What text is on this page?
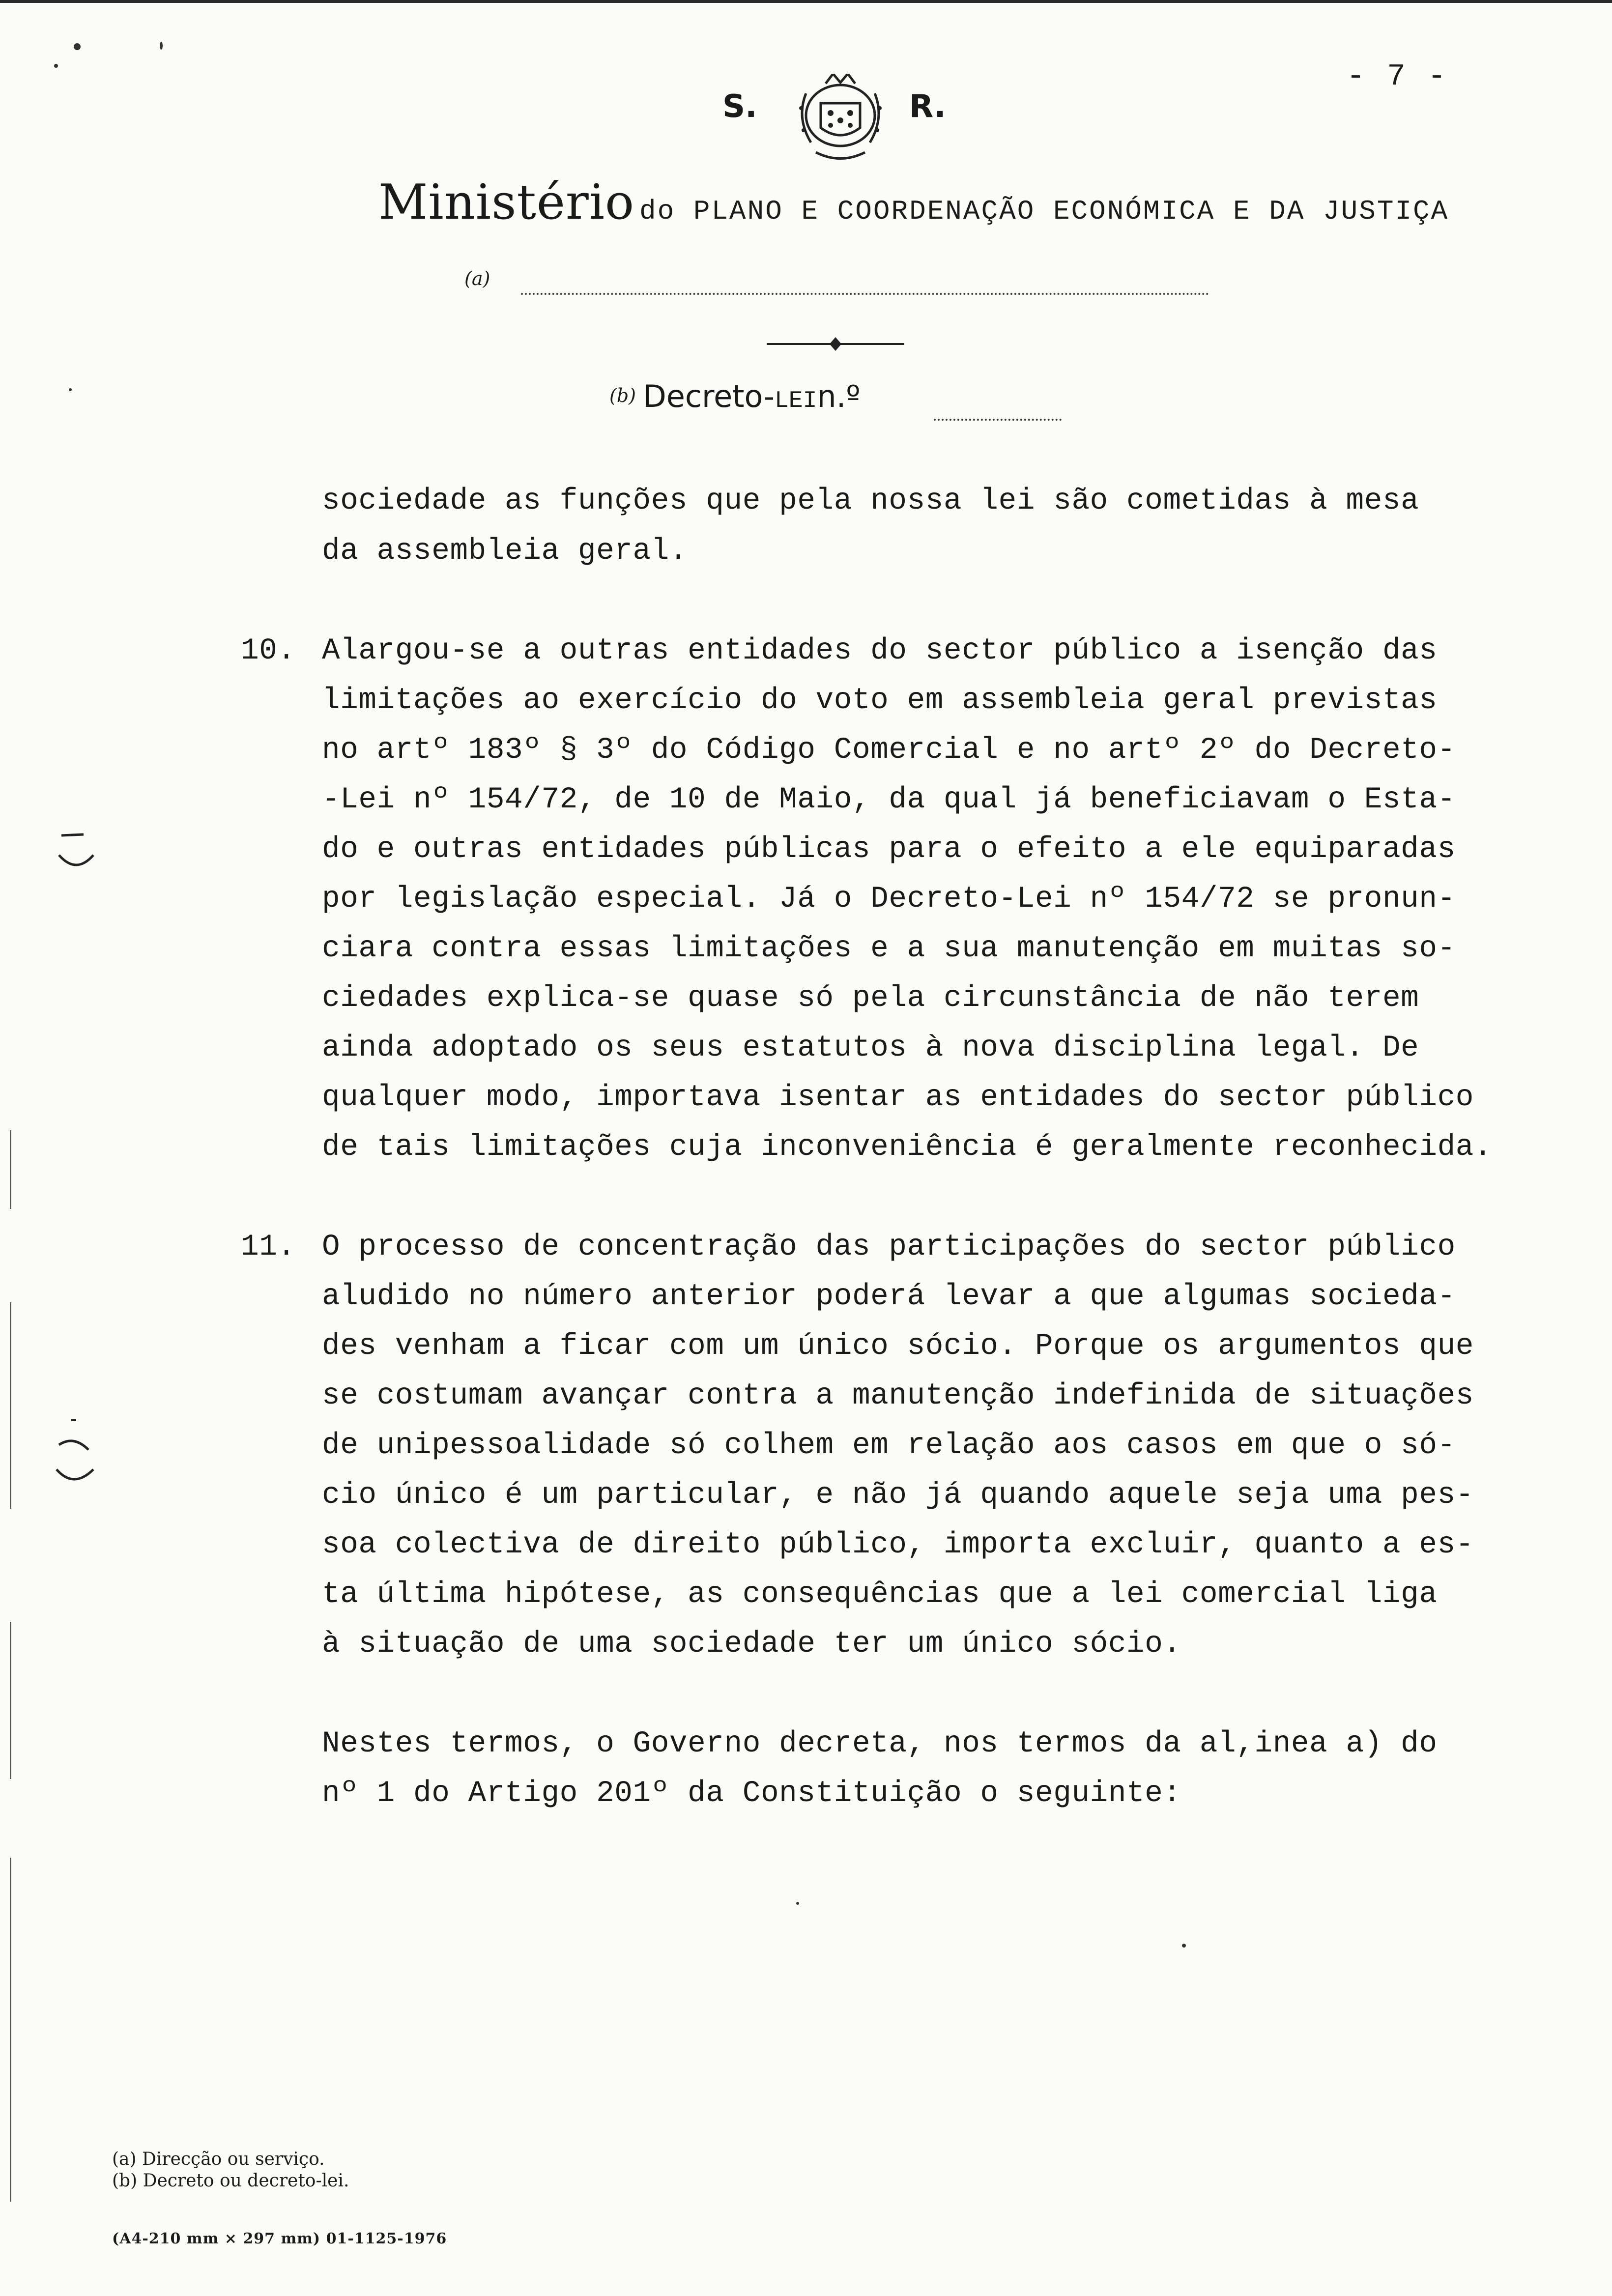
- 7 -
S.	R.
Ministério do PLANO E COORDENAÇÃO ECONÓMICA E DA JUSTIÇA
(a)
(b) Decreto-LEIn.º

sociedade as funções que pela nossa lei são cometidas à mesa

da assembleia geral.

10.

Alargou-se a outras entidades do sector público a isenção das

limitações ao exercício do voto em assembleia geral previstas

no artº 183º § 3º do Código Comercial e no artº 2º do Decreto-

-Lei nº 154/72, de 10 de Maio, da qual já beneficiavam o Esta-

do e outras entidades públicas para o efeito a ele equiparadas

por legislação especial. Já o Decreto-Lei nº 154/72 se pronun-

ciara contra essas limitações e a sua manutenção em muitas so-

ciedades explica-se quase só pela circunstância de não terem

ainda adoptado os seus estatutos à nova disciplina legal. De

qualquer modo, importava isentar as entidades do sector público

de tais limitações cuja inconveniência é geralmente reconhecida.

11.

O processo de concentração das participações do sector público

aludido no número anterior poderá levar a que algumas socieda-

des venham a ficar com um único sócio. Porque os argumentos que

se costumam avançar contra a manutenção indefinida de situações

de unipessoalidade só colhem em relação aos casos em que o só-

cio único é um particular, e não já quando aquele seja uma pes-

soa colectiva de direito público, importa excluir, quanto a es-

ta última hipótese, as consequências que a lei comercial liga

à situação de uma sociedade ter um único sócio.

Nestes termos, o Governo decreta, nos termos da al,inea a) do

nº 1 do Artigo 201º da Constituição o seguinte:

(a) Direcção ou serviço.
(b) Decreto ou decreto-lei.
(A4-210 mm × 297 mm) 01-1125-1976
